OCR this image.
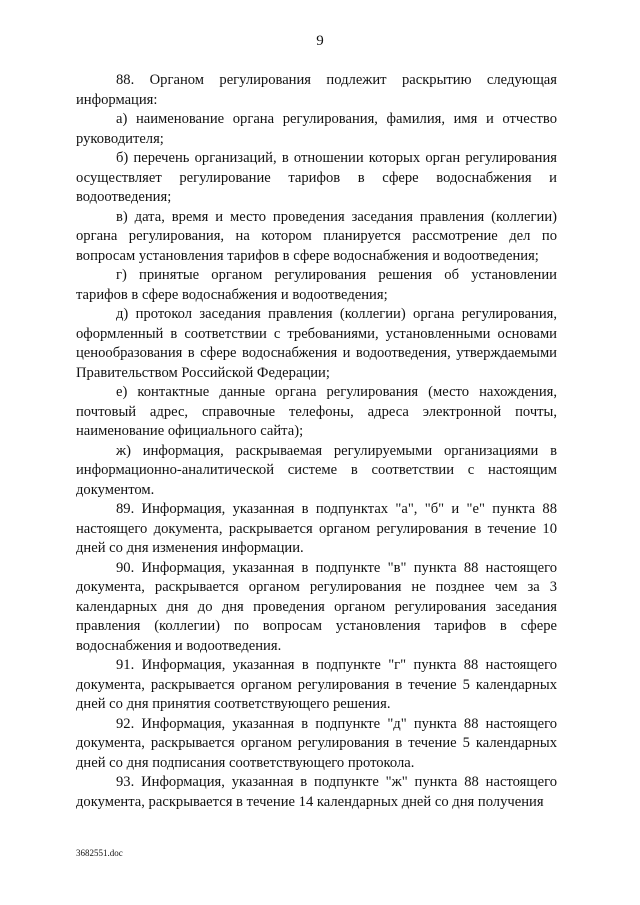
9

88. Органом регулирования подлежит раскрытию следующая информация:

а) наименование органа регулирования, фамилия, имя и отчество руководителя;

б) перечень организаций, в отношении которых орган регулирования осуществляет регулирование тарифов в сфере водоснабжения и водоотведения;

в) дата, время и место проведения заседания правления (коллегии) органа регулирования, на котором планируется рассмотрение дел по вопросам установления тарифов в сфере водоснабжения и водоотведения;

г) принятые органом регулирования решения об установлении тарифов в сфере водоснабжения и водоотведения;

д) протокол заседания правления (коллегии) органа регулирования, оформленный в соответствии с требованиями, установленными основами ценообразования в сфере водоснабжения и водоотведения, утверждаемыми Правительством Российской Федерации;

е) контактные данные органа регулирования (место нахождения, почтовый адрес, справочные телефоны, адреса электронной почты, наименование официального сайта);

ж) информация, раскрываемая регулируемыми организациями в информационно-аналитической системе в соответствии с настоящим документом.

89. Информация, указанная в подпунктах "а", "б" и "е" пункта 88 настоящего документа, раскрывается органом регулирования в течение 10 дней со дня изменения информации.

90. Информация, указанная в подпункте "в" пункта 88 настоящего документа, раскрывается органом регулирования не позднее чем за 3 календарных дня до дня проведения органом регулирования заседания правления (коллегии) по вопросам установления тарифов в сфере водоснабжения и водоотведения.

91. Информация, указанная в подпункте "г" пункта 88 настоящего документа, раскрывается органом регулирования в течение 5 календарных дней со дня принятия соответствующего решения.

92. Информация, указанная в подпункте "д" пункта 88 настоящего документа, раскрывается органом регулирования в течение 5 календарных дней со дня подписания соответствующего протокола.

93. Информация, указанная в подпункте "ж" пункта 88 настоящего документа, раскрывается в течение 14 календарных дней со дня получения

3682551.doc
